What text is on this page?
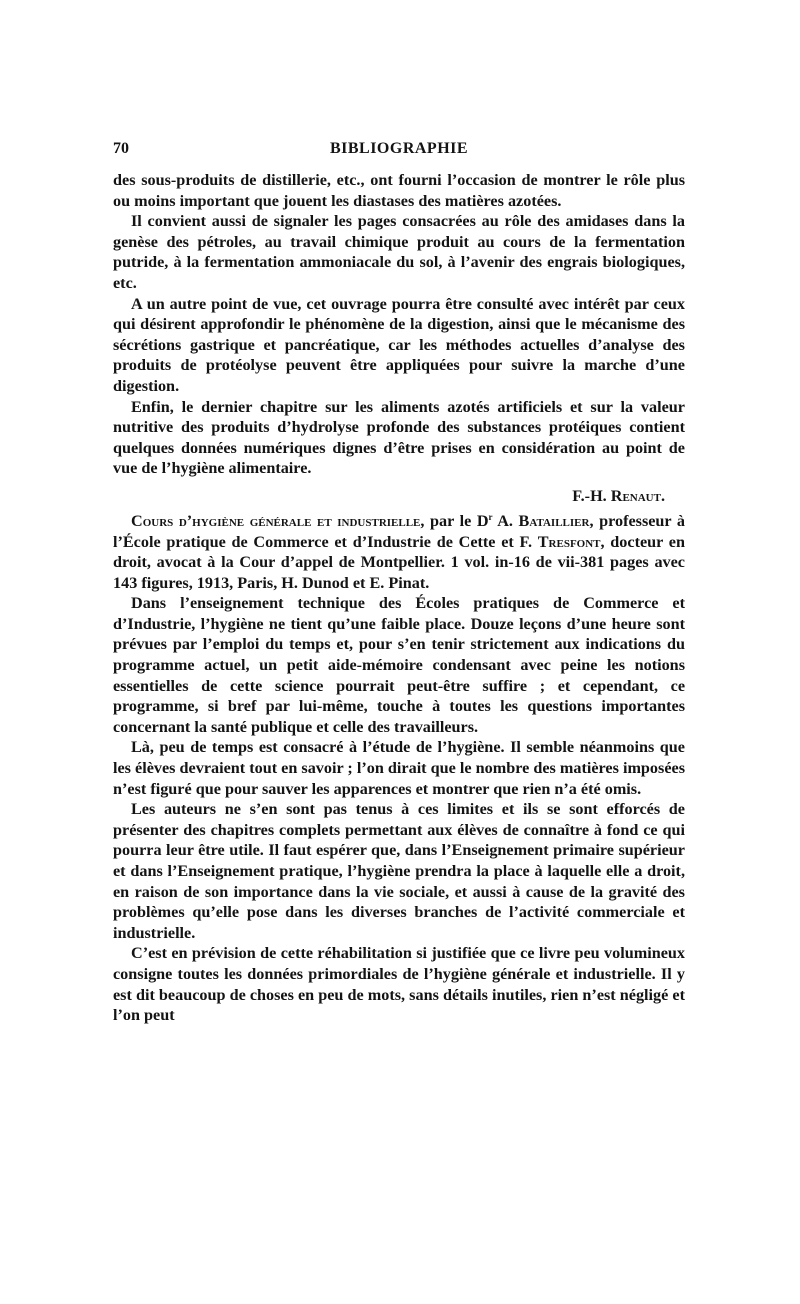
70	BIBLIOGRAPHIE

des sous-produits de distillerie, etc., ont fourni l’occasion de montrer le rôle plus ou moins important que jouent les diastases des matières azotées.

Il convient aussi de signaler les pages consacrées au rôle des amidases dans la genèse des pétroles, au travail chimique produit au cours de la fermentation putride, à la fermentation ammoniacale du sol, à l’avenir des engrais biologiques, etc.

A un autre point de vue, cet ouvrage pourra être consulté avec intérêt par ceux qui désirent approfondir le phénomène de la digestion, ainsi que le mécanisme des sécrétions gastrique et pancréatique, car les méthodes actuelles d’analyse des produits de protéolyse peuvent être appliquées pour suivre la marche d’une digestion.

Enfin, le dernier chapitre sur les aliments azotés artificiels et sur la valeur nutritive des produits d’hydrolyse profonde des substances protéiques contient quelques données numériques dignes d’être prises en considération au point de vue de l’hygiène alimentaire.

F.-H. Renaut.

Cours d’hygiène générale et industrielle, par le $D^r$ A. Bataillier, professeur à l’École pratique de Commerce et d’Industrie de Cette et F. Tresfont, docteur en droit, avocat à la Cour d’appel de Montpellier. 1 vol. in-16 de vii-381 pages avec 143 figures, 1913, Paris, H. Dunod et E. Pinat.

Dans l’enseignement technique des Écoles pratiques de Commerce et d’Industrie, l’hygiène ne tient qu’une faible place. Douze leçons d’une heure sont prévues par l’emploi du temps et, pour s’en tenir strictement aux indications du programme actuel, un petit aide-mémoire condensant avec peine les notions essentielles de cette science pourrait peut-être suffire ; et cependant, ce programme, si bref par lui-même, touche à toutes les questions importantes concernant la santé publique et celle des travailleurs.

Là, peu de temps est consacré à l’étude de l’hygiène. Il semble néanmoins que les élèves devraient tout en savoir ; l’on dirait que le nombre des matières imposées n’est figuré que pour sauver les apparences et montrer que rien n’a été omis.

Les auteurs ne s’en sont pas tenus à ces limites et ils se sont efforcés de présenter des chapitres complets permettant aux élèves de connaître à fond ce qui pourra leur être utile. Il faut espérer que, dans l’Enseignement primaire supérieur et dans l’Enseignement pratique, l’hygiène prendra la place à laquelle elle a droit, en raison de son importance dans la vie sociale, et aussi à cause de la gravité des problèmes qu’elle pose dans les diverses branches de l’activité commerciale et industrielle.

C’est en prévision de cette réhabilitation si justifiée que ce livre peu volumineux consigne toutes les données primordiales de l’hygiène générale et industrielle. Il y est dit beaucoup de choses en peu de mots, sans détails inutiles, rien n’est négligé et l’on peut
